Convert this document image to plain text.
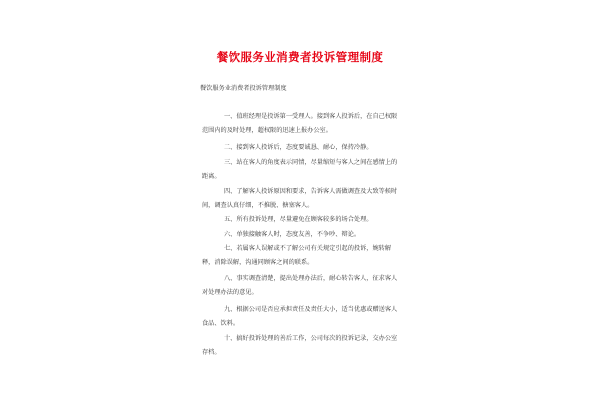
餐饮服务业消费者投诉管理制度
餐饮服务业消费者投诉管理制度

一、值班经理是投诉第一受理人。接到客人投诉后，在自己权限范围内的及时处理，超权限的迅速上报办公室。

二、接到客人投诉后，态度要诚恳、耐心，保持冷静。

三、站在客人的角度表示同情，尽量缩短与客人之间在感情上的距离。

四、了解客人投诉原因和要求，告诉客人需做调查及大致等候时间，调查认真仔细，不推脱、搪塞客人。

五、所有投诉处理，尽量避免在顾客较多的场合处理。

六、单独接触客人时，态度友善，不争吵、辩论。

七、若属客人误解或不了解公司有关规定引起的投诉，婉转解释，消除误解，沟通同顾客之间的联系。

八、事实调查清楚，提出处理办法后，耐心转告客人，征求客人对处理办法的意见。

九、根据公司是否应承担责任及责任大小，适当优惠或赠送客人食品、饮料。

十、搞好投诉处理的善后工作，公司每次的投诉记录，交办公室存档。
